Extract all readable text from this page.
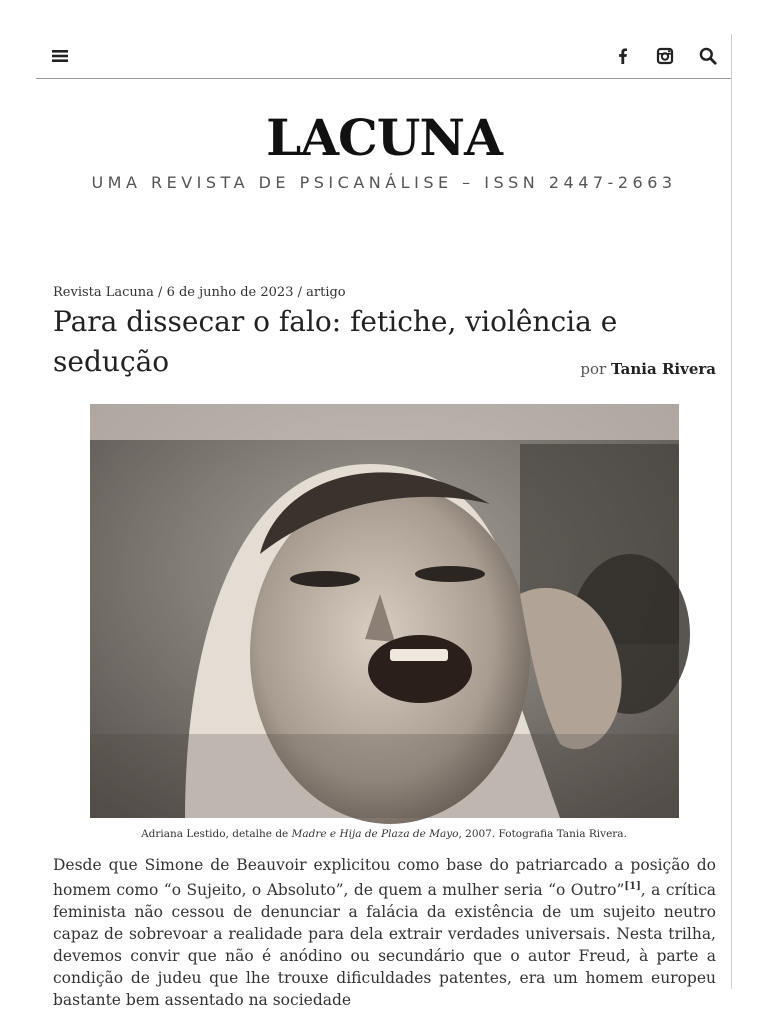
LACUNA
UMA REVISTA DE PSICANÁLISE – ISSN 2447-2663
Revista Lacuna / 6 de junho de 2023 / artigo
Para dissecar o falo: fetiche, violência e sedução	por Tania Rivera
Adriana Lestido, detalhe de Madre e Hija de Plaza de Mayo, 2007. Fotografia Tania Rivera.

Desde que Simone de Beauvoir explicitou como base do patriarcado a posição do homem como “o Sujeito, o Absoluto”, de quem a mulher seria “o Outro”[1], a crítica feminista não cessou de denunciar a falácia da existência de um sujeito neutro capaz de sobrevoar a realidade para dela extrair verdades universais. Nesta trilha, devemos convir que não é anódino ou secundário que o autor Freud, à parte a condição de judeu que lhe trouxe dificuldades patentes, era um homem europeu bastante bem assentado na sociedade
